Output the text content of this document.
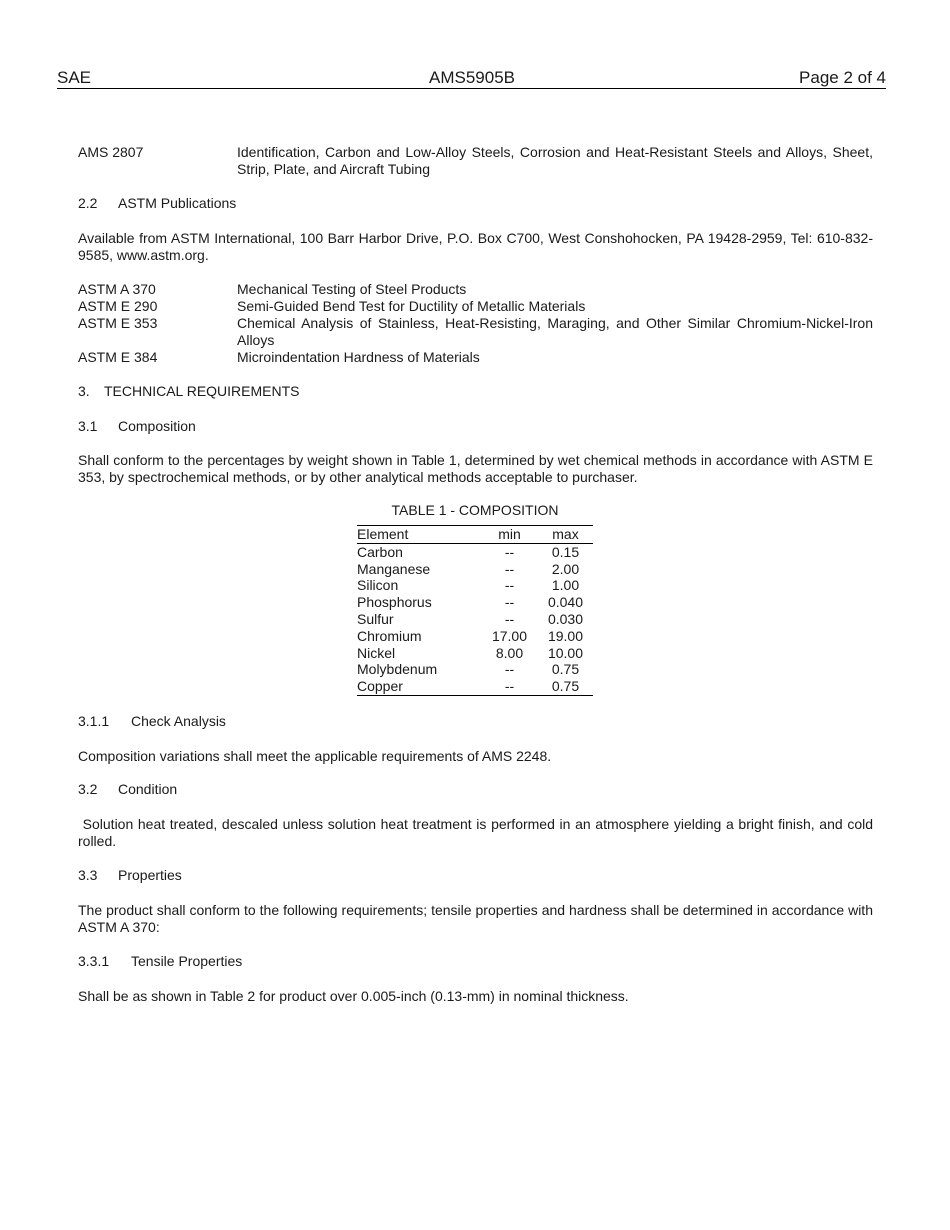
SAE	AMS5905B	Page 2 of 4
AMS 2807	Identification, Carbon and Low-Alloy Steels, Corrosion and Heat-Resistant Steels and Alloys, Sheet, Strip, Plate, and Aircraft Tubing
2.2 ASTM Publications
Available from ASTM International, 100 Barr Harbor Drive, P.O. Box C700, West Conshohocken, PA 19428-2959, Tel: 610-832-9585, www.astm.org.
ASTM A 370	Mechanical Testing of Steel Products
ASTM E 290	Semi-Guided Bend Test for Ductility of Metallic Materials
ASTM E 353	Chemical Analysis of Stainless, Heat-Resisting, Maraging, and Other Similar Chromium-Nickel-Iron Alloys
ASTM E 384	Microindentation Hardness of Materials
3. TECHNICAL REQUIREMENTS
3.1 Composition
Shall conform to the percentages by weight shown in Table 1, determined by wet chemical methods in accordance with ASTM E 353, by spectrochemical methods, or by other analytical methods acceptable to purchaser.
TABLE 1 - COMPOSITION
Element	min	max
Carbon	--	0.15
Manganese	--	2.00
Silicon	--	1.00
Phosphorus	--	0.040
Sulfur	--	0.030
Chromium	17.00	19.00
Nickel	8.00	10.00
Molybdenum	--	0.75
Copper	--	0.75
3.1.1 Check Analysis
Composition variations shall meet the applicable requirements of AMS 2248.
3.2 Condition
Solution heat treated, descaled unless solution heat treatment is performed in an atmosphere yielding a bright finish, and cold rolled.
3.3 Properties
The product shall conform to the following requirements; tensile properties and hardness shall be determined in accordance with ASTM A 370:
3.3.1 Tensile Properties
Shall be as shown in Table 2 for product over 0.005-inch (0.13-mm) in nominal thickness.
